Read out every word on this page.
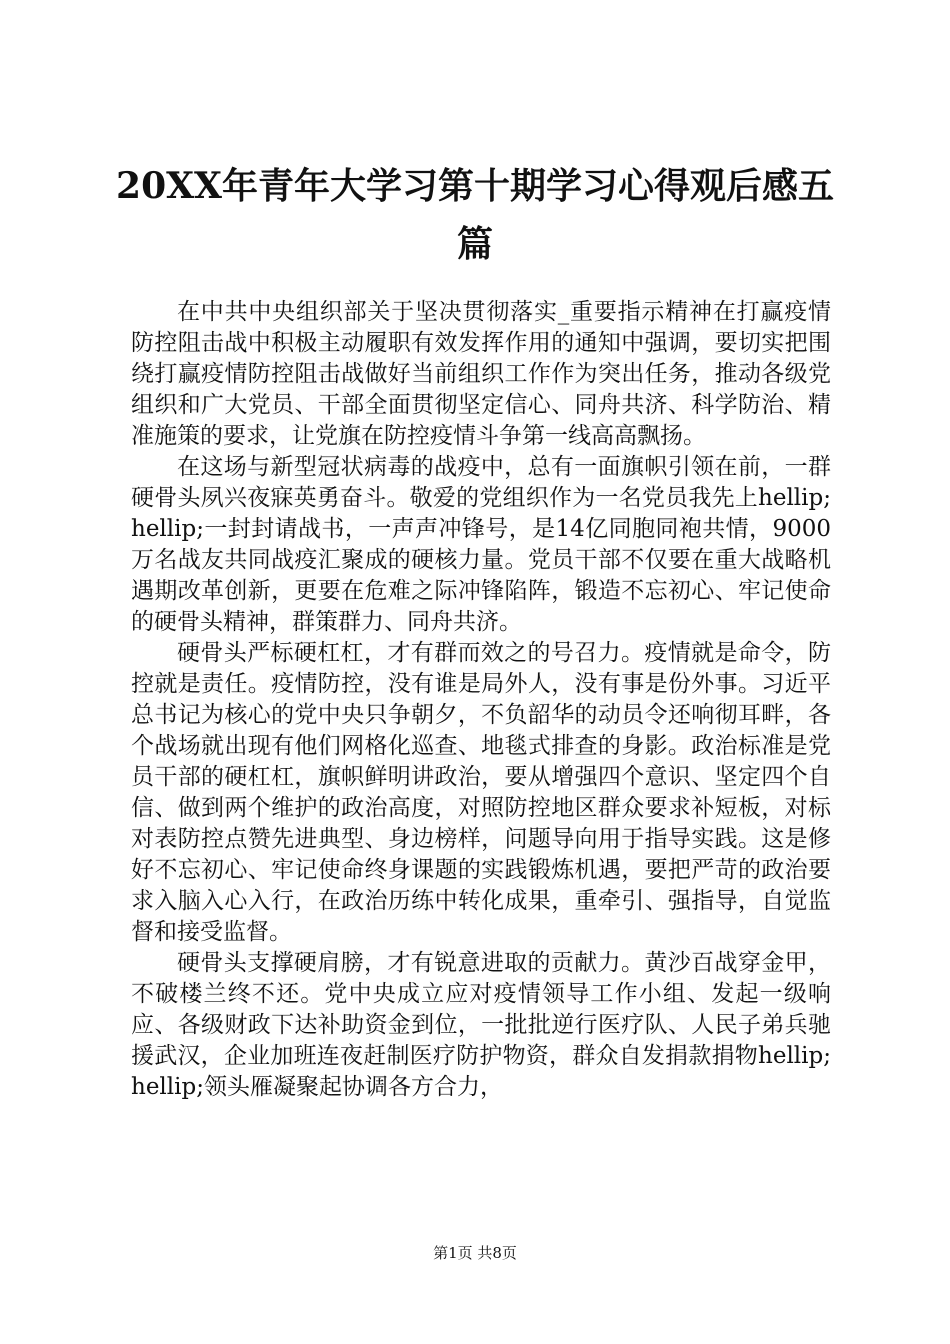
20XX年青年大学习第十期学习心得观后感五
篇

在中共中央组织部关于坚决贯彻落实_重要指示精神在打赢疫情防控阻击战中积极主动履职有效发挥作用的通知中强调，要切实把围绕打赢疫情防控阻击战做好当前组织工作作为突出任务，推动各级党组织和广大党员、干部全面贯彻坚定信心、同舟共济、科学防治、精准施策的要求，让党旗在防控疫情斗争第一线高高飘扬。

在这场与新型冠状病毒的战疫中，总有一面旗帜引领在前，一群硬骨头夙兴夜寐英勇奋斗。敬爱的党组织作为一名党员我先上hellip;hellip;一封封请战书，一声声冲锋号，是14亿同胞同袍共情，9000万名战友共同战疫汇聚成的硬核力量。党员干部不仅要在重大战略机遇期改革创新，更要在危难之际冲锋陷阵，锻造不忘初心、牢记使命的硬骨头精神，群策群力、同舟共济。

硬骨头严标硬杠杠，才有群而效之的号召力。疫情就是命令，防控就是责任。疫情防控，没有谁是局外人，没有事是份外事。习近平总书记为核心的党中央只争朝夕，不负韶华的动员令还响彻耳畔，各个战场就出现有他们网格化巡查、地毯式排查的身影。政治标准是党员干部的硬杠杠，旗帜鲜明讲政治，要从增强四个意识、坚定四个自信、做到两个维护的政治高度，对照防控地区群众要求补短板，对标对表防控点赞先进典型、身边榜样，问题导向用于指导实践。这是修好不忘初心、牢记使命终身课题的实践锻炼机遇，要把严苛的政治要求入脑入心入行，在政治历练中转化成果，重牵引、强指导，自觉监督和接受监督。

硬骨头支撑硬肩膀，才有锐意进取的贡献力。黄沙百战穿金甲，不破楼兰终不还。党中央成立应对疫情领导工作小组、发起一级响应、各级财政下达补助资金到位，一批批逆行医疗队、人民子弟兵驰援武汉，企业加班连夜赶制医疗防护物资，群众自发捐款捐物hellip;hellip;领头雁凝聚起协调各方合力，

第1页 共8页
